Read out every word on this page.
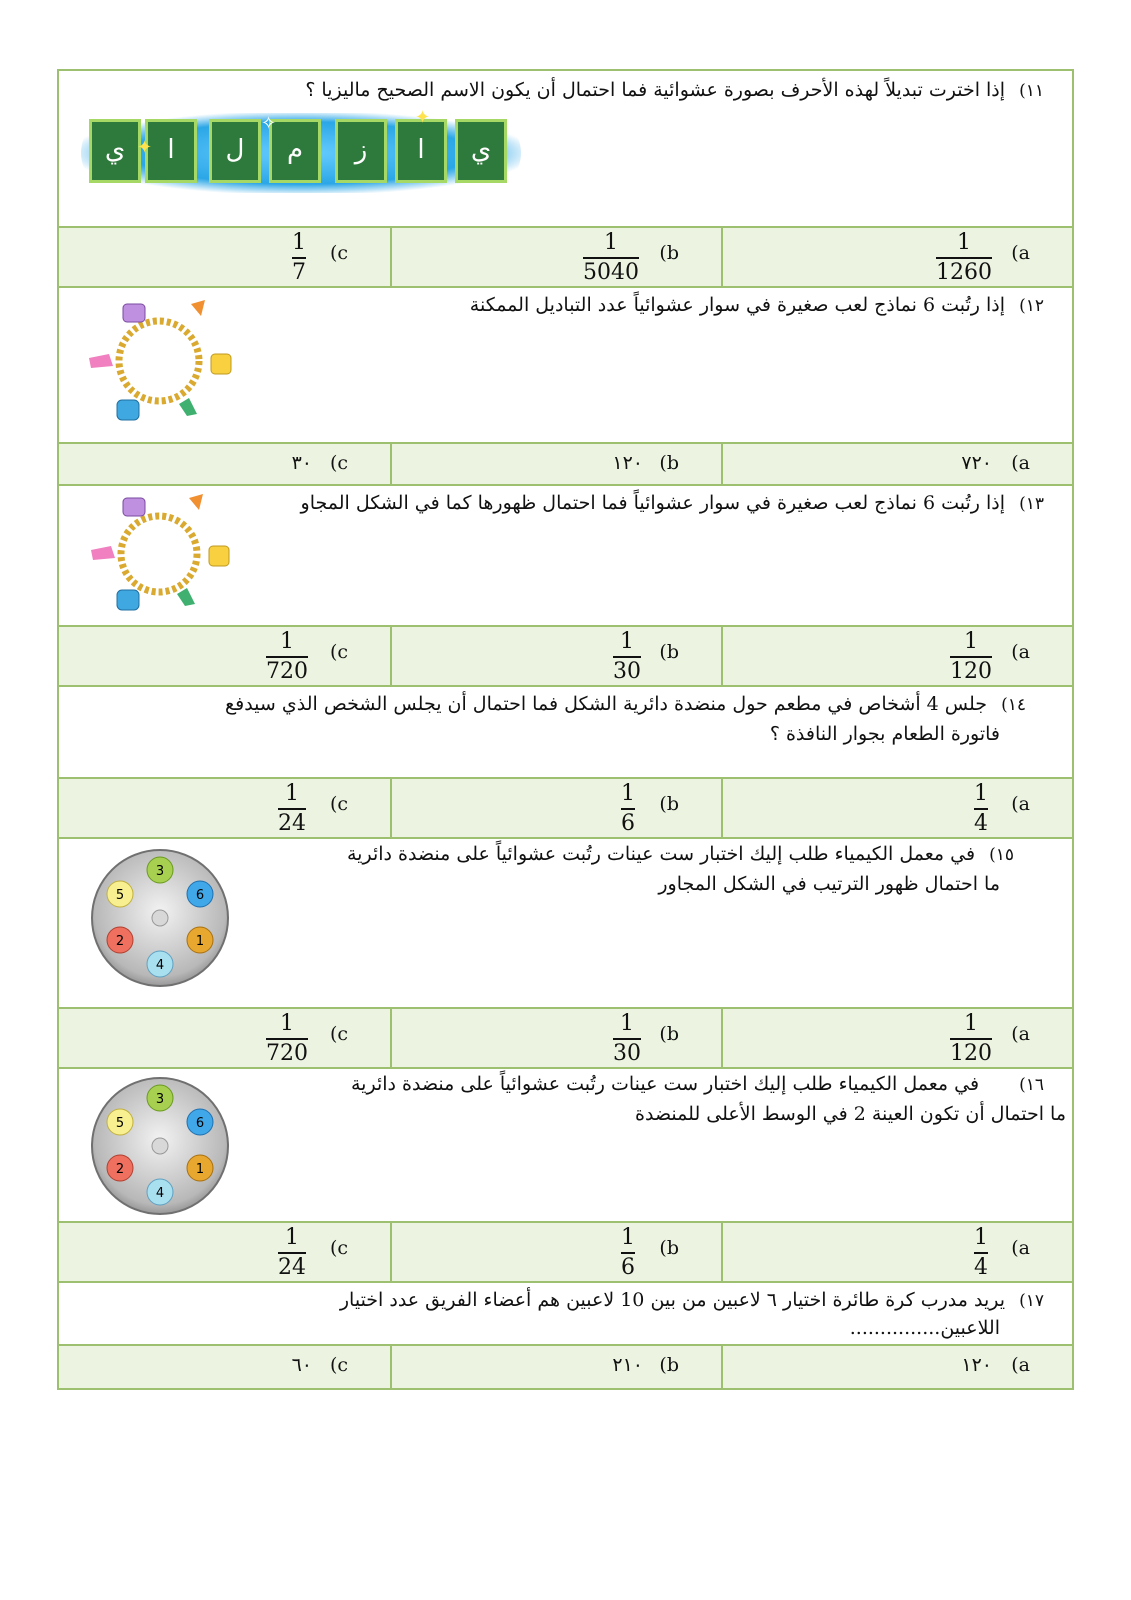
١١) إذا اخترت تبديلاً لهذه الأحرف بصورة عشوائية فما احتمال أن يكون الاسم الصحيح ماليزيا ؟
ي
ا
ز
م
ل
ا
ي ✦
✦
✧
(a
1
1260
(b
1
5040
(c
1
7
١٢) إذا رتُبت 6 نماذج لعب صغيرة في سوار عشوائياً عدد التباديل الممكنة
(a
٧٢٠
(b
١٢٠
(c
٣٠
١٣) إذا رتُبت 6 نماذج لعب صغيرة في سوار عشوائياً فما احتمال ظهورها كما في الشكل المجاو
(a
1
120
(b
1
30
(c
1
720
١٤) جلس 4 أشخاص في مطعم حول منضدة دائرية الشكل فما احتمال أن يجلس الشخص الذي سيدفع
فاتورة الطعام بجوار النافذة ؟
(a
1
4
(b
1
6
(c
1
24
١٥) في معمل الكيمياء طلب إليك اختبار ست عينات رتُبت عشوائياً على منضدة دائرية
ما احتمال ظهور الترتيب في الشكل المجاور
3
6
1
4
2
5
(a
1
120
(b
1
30
(c
1
720
١٦) في معمل الكيمياء طلب إليك اختبار ست عينات رتُبت عشوائياً على منضدة دائرية
ما احتمال أن تكون العينة 2 في الوسط الأعلى للمنضدة
3
6
1
4
2
5
(a
1
4
(b
1
6
(c
1
24
١٧) يريد مدرب كرة طائرة اختيار ٦ لاعبين من بين 10 لاعبين هم أعضاء الفريق عدد اختيار
اللاعبين...............
(a
١٢٠
(b
٢١٠
(c
٦٠
